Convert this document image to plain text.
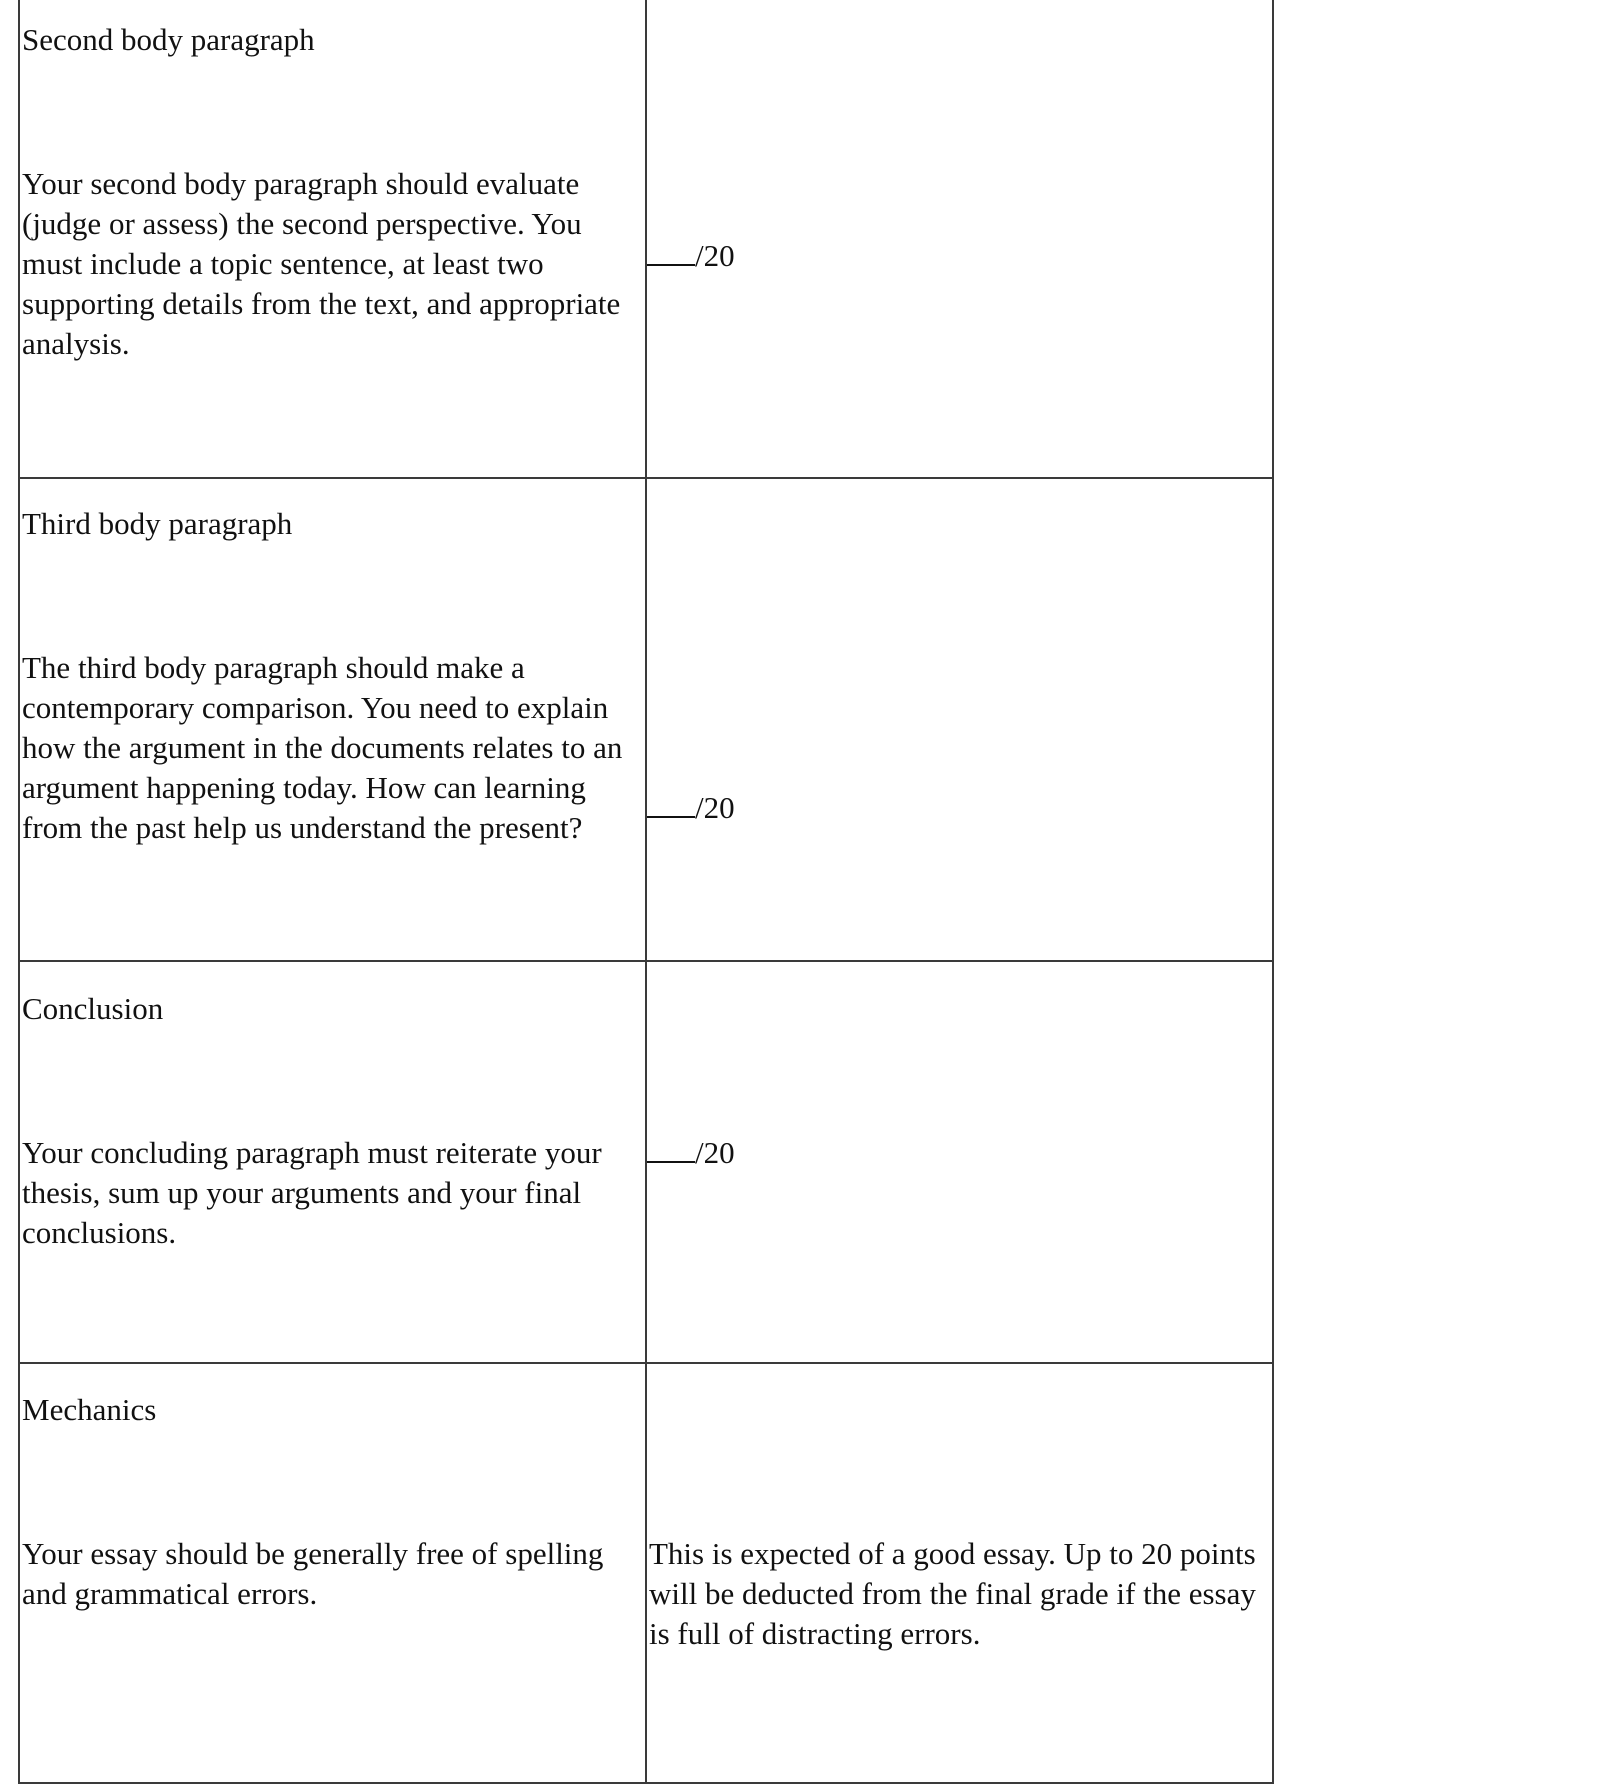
Second body paragraph
Your second body paragraph should evaluate (judge or assess) the second perspective. You must include a topic sentence, at least two supporting details from the text, and appropriate analysis.	/20

Third body paragraph
The third body paragraph should make a contemporary comparison. You need to explain how the argument in the documents relates to an argument happening today. How can learning from the past help us understand the present?	/20

Conclusion
Your concluding paragraph must reiterate your thesis, sum up your arguments and your final conclusions.	/20

Mechanics
Your essay should be generally free of spelling and grammatical errors.	This is expected of a good essay. Up to 20 points will be deducted from the final grade if the essay is full of distracting errors.
